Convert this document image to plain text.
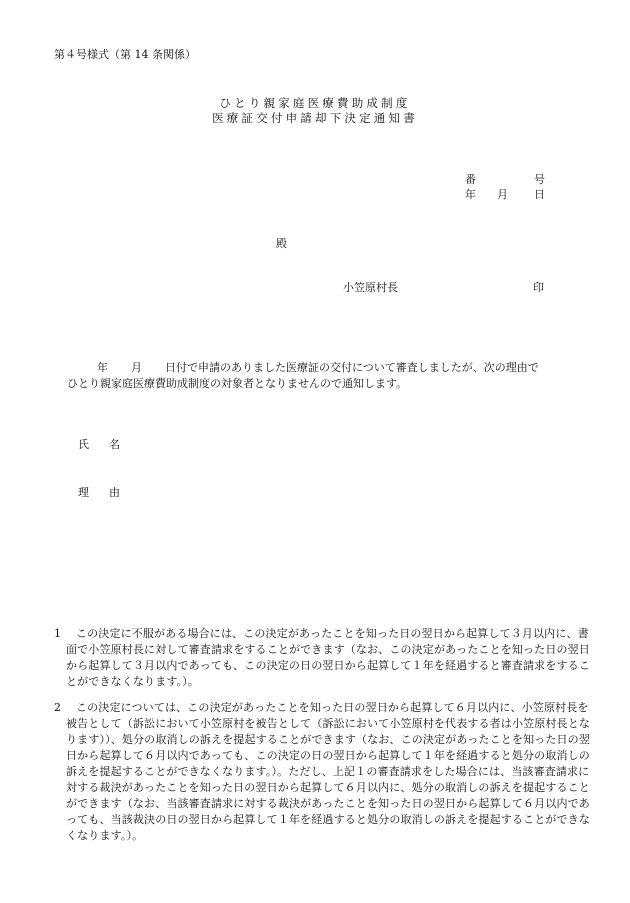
第４号様式（第 14 条関係）
ひとり親家庭医療費助成制度
医療証交付申請却下決定通知書
番	号
年 月 日
殿
小笠原村長	印
年 月 日付で申請のありました医療証の交付について審査しましたが、次の理由で
ひとり親家庭医療費助成制度の対象者となりませんので通知します。
氏 名
理 由
1 この決定に不服がある場合には、この決定があったことを知った日の翌日から起算して３月以内に、書
面で小笠原村長に対して審査請求をすることができます（なお、この決定があったことを知った日の翌日
から起算して３月以内であっても、この決定の日の翌日から起算して１年を経過すると審査請求をするこ
とができなくなります。）。
2 この決定については、この決定があったことを知った日の翌日から起算して６月以内に、小笠原村長を
被告として（訴訟において小笠原村を被告として（訴訟において小笠原村を代表する者は小笠原村長とな
ります））、処分の取消しの訴えを提起することができます（なお、この決定があったことを知った日の翌
日から起算して６月以内であっても、この決定の日の翌日から起算して１年を経過すると処分の取消しの
訴えを提起することができなくなります。）。ただし、上記１の審査請求をした場合には、当該審査請求に
対する裁決があったことを知った日の翌日から起算して６月以内に、処分の取消しの訴えを提起すること
ができます（なお、当該審査請求に対する裁決があったことを知った日の翌日から起算して６月以内であ
っても、当該裁決の日の翌日から起算して１年を経過すると処分の取消しの訴えを提起することができな
くなります。）。
